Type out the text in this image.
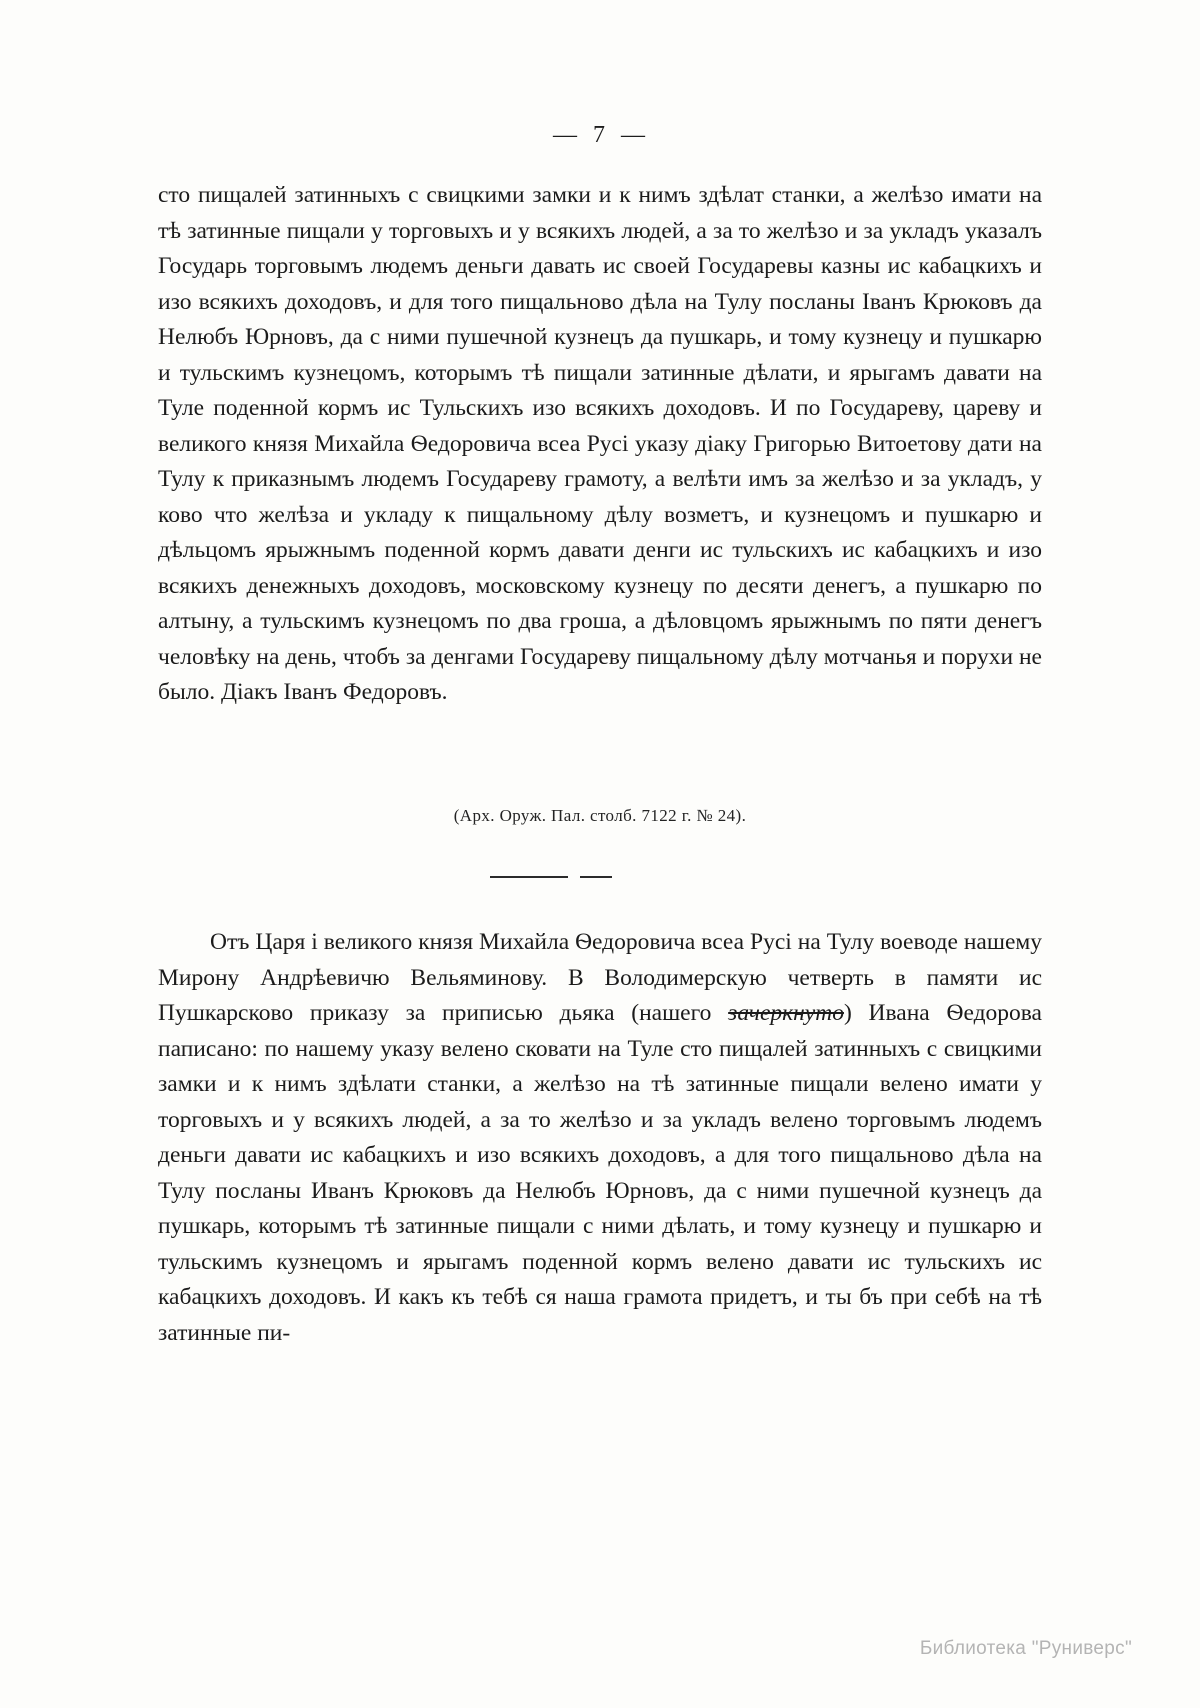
— 7 —
сто пищалей затинныхъ с свицкими замки и к нимъ здѣлат станки, а желѣзо имати на тѣ затинные пищали у торговыхъ и у всякихъ людей, а за то желѣзо и за укладъ указалъ Государь торговымъ людемъ деньги давать ис своей Государевы казны ис кабацкихъ и изо всякихъ доходовъ, и для того пищальново дѣла на Тулу посланы Іванъ Крюковъ да Нелюбъ Юрновъ, да с ними пушечной кузнецъ да пушкарь, и тому кузнецу и пушкарю и тульскимъ кузнецомъ, которымъ тѣ пищали затинные дѣлати, и ярыгамъ давати на Туле поденной кормъ ис Тульскихъ изо всякихъ доходовъ. И по Государеву, цареву и великого князя Михайла Ѳедоровича всеа Русі указу діаку Григорью Витоетову дати на Тулу к приказнымъ людемъ Государеву грамоту, а велѣти имъ за желѣзо и за укладъ, у ково что желѣза и укладу к пищальному дѣлу возметъ, и кузнецомъ и пушкарю и дѣльцомъ ярыжнымъ поденной кормъ давати денги ис тульскихъ ис кабацкихъ и изо всякихъ денежныхъ доходовъ, московскому кузнецу по десяти денегъ, а пушкарю по алтыну, а тульскимъ кузнецомъ по два гроша, а дѣловцомъ ярыжнымъ по пяти денегъ человѣку на день, чтобъ за денгами Государеву пищальному дѣлу мотчанья и порухи не было. Діакъ Іванъ Федоровъ.
(Арх. Оруж. Пал. столб. 7122 г. № 24).
Отъ Царя і великого князя Михайла Ѳедоровича всеа Русі на Тулу воеводе нашему Мирону Андрѣевичю Вельяминову. В Володимерскую четверть в памяти ис Пушкарсково приказу за приписью дьяка (нашего зачеркнуто) Ивана Ѳедорова паписано: по нашему указу велено сковати на Туле сто пищалей затинныхъ с свицкими замки и к нимъ здѣлати станки, а желѣзо на тѣ затинные пищали велено имати у торговыхъ и у всякихъ людей, а за то желѣзо и за укладъ велено торговымъ людемъ деньги давати ис кабацкихъ и изо всякихъ доходовъ, а для того пищальново дѣла на Тулу посланы Иванъ Крюковъ да Нелюбъ Юрновъ, да с ними пушечной кузнецъ да пушкарь, которымъ тѣ затинные пищали с ними дѣлать, и тому кузнецу и пушкарю и тульскимъ кузнецомъ и ярыгамъ поденной кормъ велено давати ис тульскихъ ис кабацкихъ доходовъ. И какъ къ тебѣ ся наша грамота придетъ, и ты бъ при себѣ на тѣ затинные пи-
Библиотека "Руниверс"
